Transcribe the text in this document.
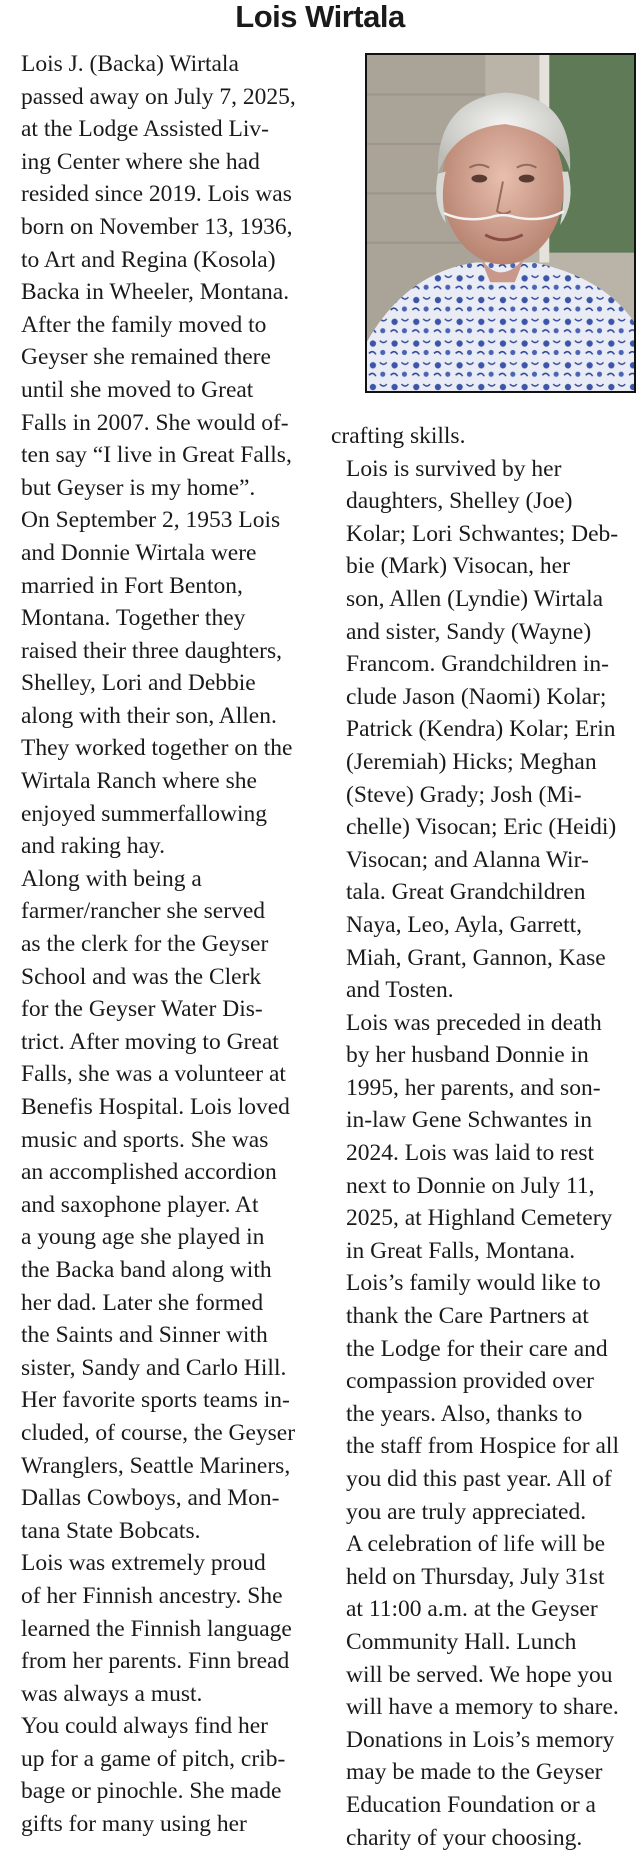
Lois Wirtala

Lois J. (Backa) Wirtala
passed away on July 7, 2025,
at the Lodge Assisted Liv-
ing Center where she had
resided since 2019. Lois was
born on November 13, 1936,
to Art and Regina (Kosola)
Backa in Wheeler, Montana.
After the family moved to
Geyser she remained there
until she moved to Great
Falls in 2007. She would of-
ten say “I live in Great Falls,
but Geyser is my home”.

On September 2, 1953 Lois
and Donnie Wirtala were
married in Fort Benton,
Montana. Together they
raised their three daughters,
Shelley, Lori and Debbie
along with their son, Allen.
They worked together on the
Wirtala Ranch where she
enjoyed summerfallowing
and raking hay.

Along with being a
farmer/rancher she served
as the clerk for the Geyser
School and was the Clerk
for the Geyser Water Dis-
trict. After moving to Great
Falls, she was a volunteer at
Benefis Hospital. Lois loved
music and sports. She was
an accomplished accordion
and saxophone player. At
a young age she played in
the Backa band along with
her dad. Later she formed
the Saints and Sinner with
sister, Sandy and Carlo Hill.
Her favorite sports teams in-
cluded, of course, the Geyser
Wranglers, Seattle Mariners,
Dallas Cowboys, and Mon-
tana State Bobcats.

Lois was extremely proud
of her Finnish ancestry. She
learned the Finnish language
from her parents. Finn bread
was always a must.

You could always find her
up for a game of pitch, crib-
bage or pinochle. She made
gifts for many using her

crafting skills.

Lois is survived by her
daughters, Shelley (Joe)
Kolar; Lori Schwantes; Deb-
bie (Mark) Visocan, her
son, Allen (Lyndie) Wirtala
and sister, Sandy (Wayne)
Francom. Grandchildren in-
clude Jason (Naomi) Kolar;
Patrick (Kendra) Kolar; Erin
(Jeremiah) Hicks; Meghan
(Steve) Grady; Josh (Mi-
chelle) Visocan; Eric (Heidi)
Visocan; and Alanna Wir-
tala. Great Grandchildren
Naya, Leo, Ayla, Garrett,
Miah, Grant, Gannon, Kase
and Tosten.

Lois was preceded in death
by her husband Donnie in
1995, her parents, and son-
in-law Gene Schwantes in
2024. Lois was laid to rest
next to Donnie on July 11,
2025, at Highland Cemetery
in Great Falls, Montana.

Lois’s family would like to
thank the Care Partners at
the Lodge for their care and
compassion provided over
the years. Also, thanks to
the staff from Hospice for all
you did this past year. All of
you are truly appreciated.

A celebration of life will be
held on Thursday, July 31st
at 11:00 a.m. at the Geyser
Community Hall. Lunch
will be served. We hope you
will have a memory to share.
Donations in Lois’s memory
may be made to the Geyser
Education Foundation or a
charity of your choosing.
